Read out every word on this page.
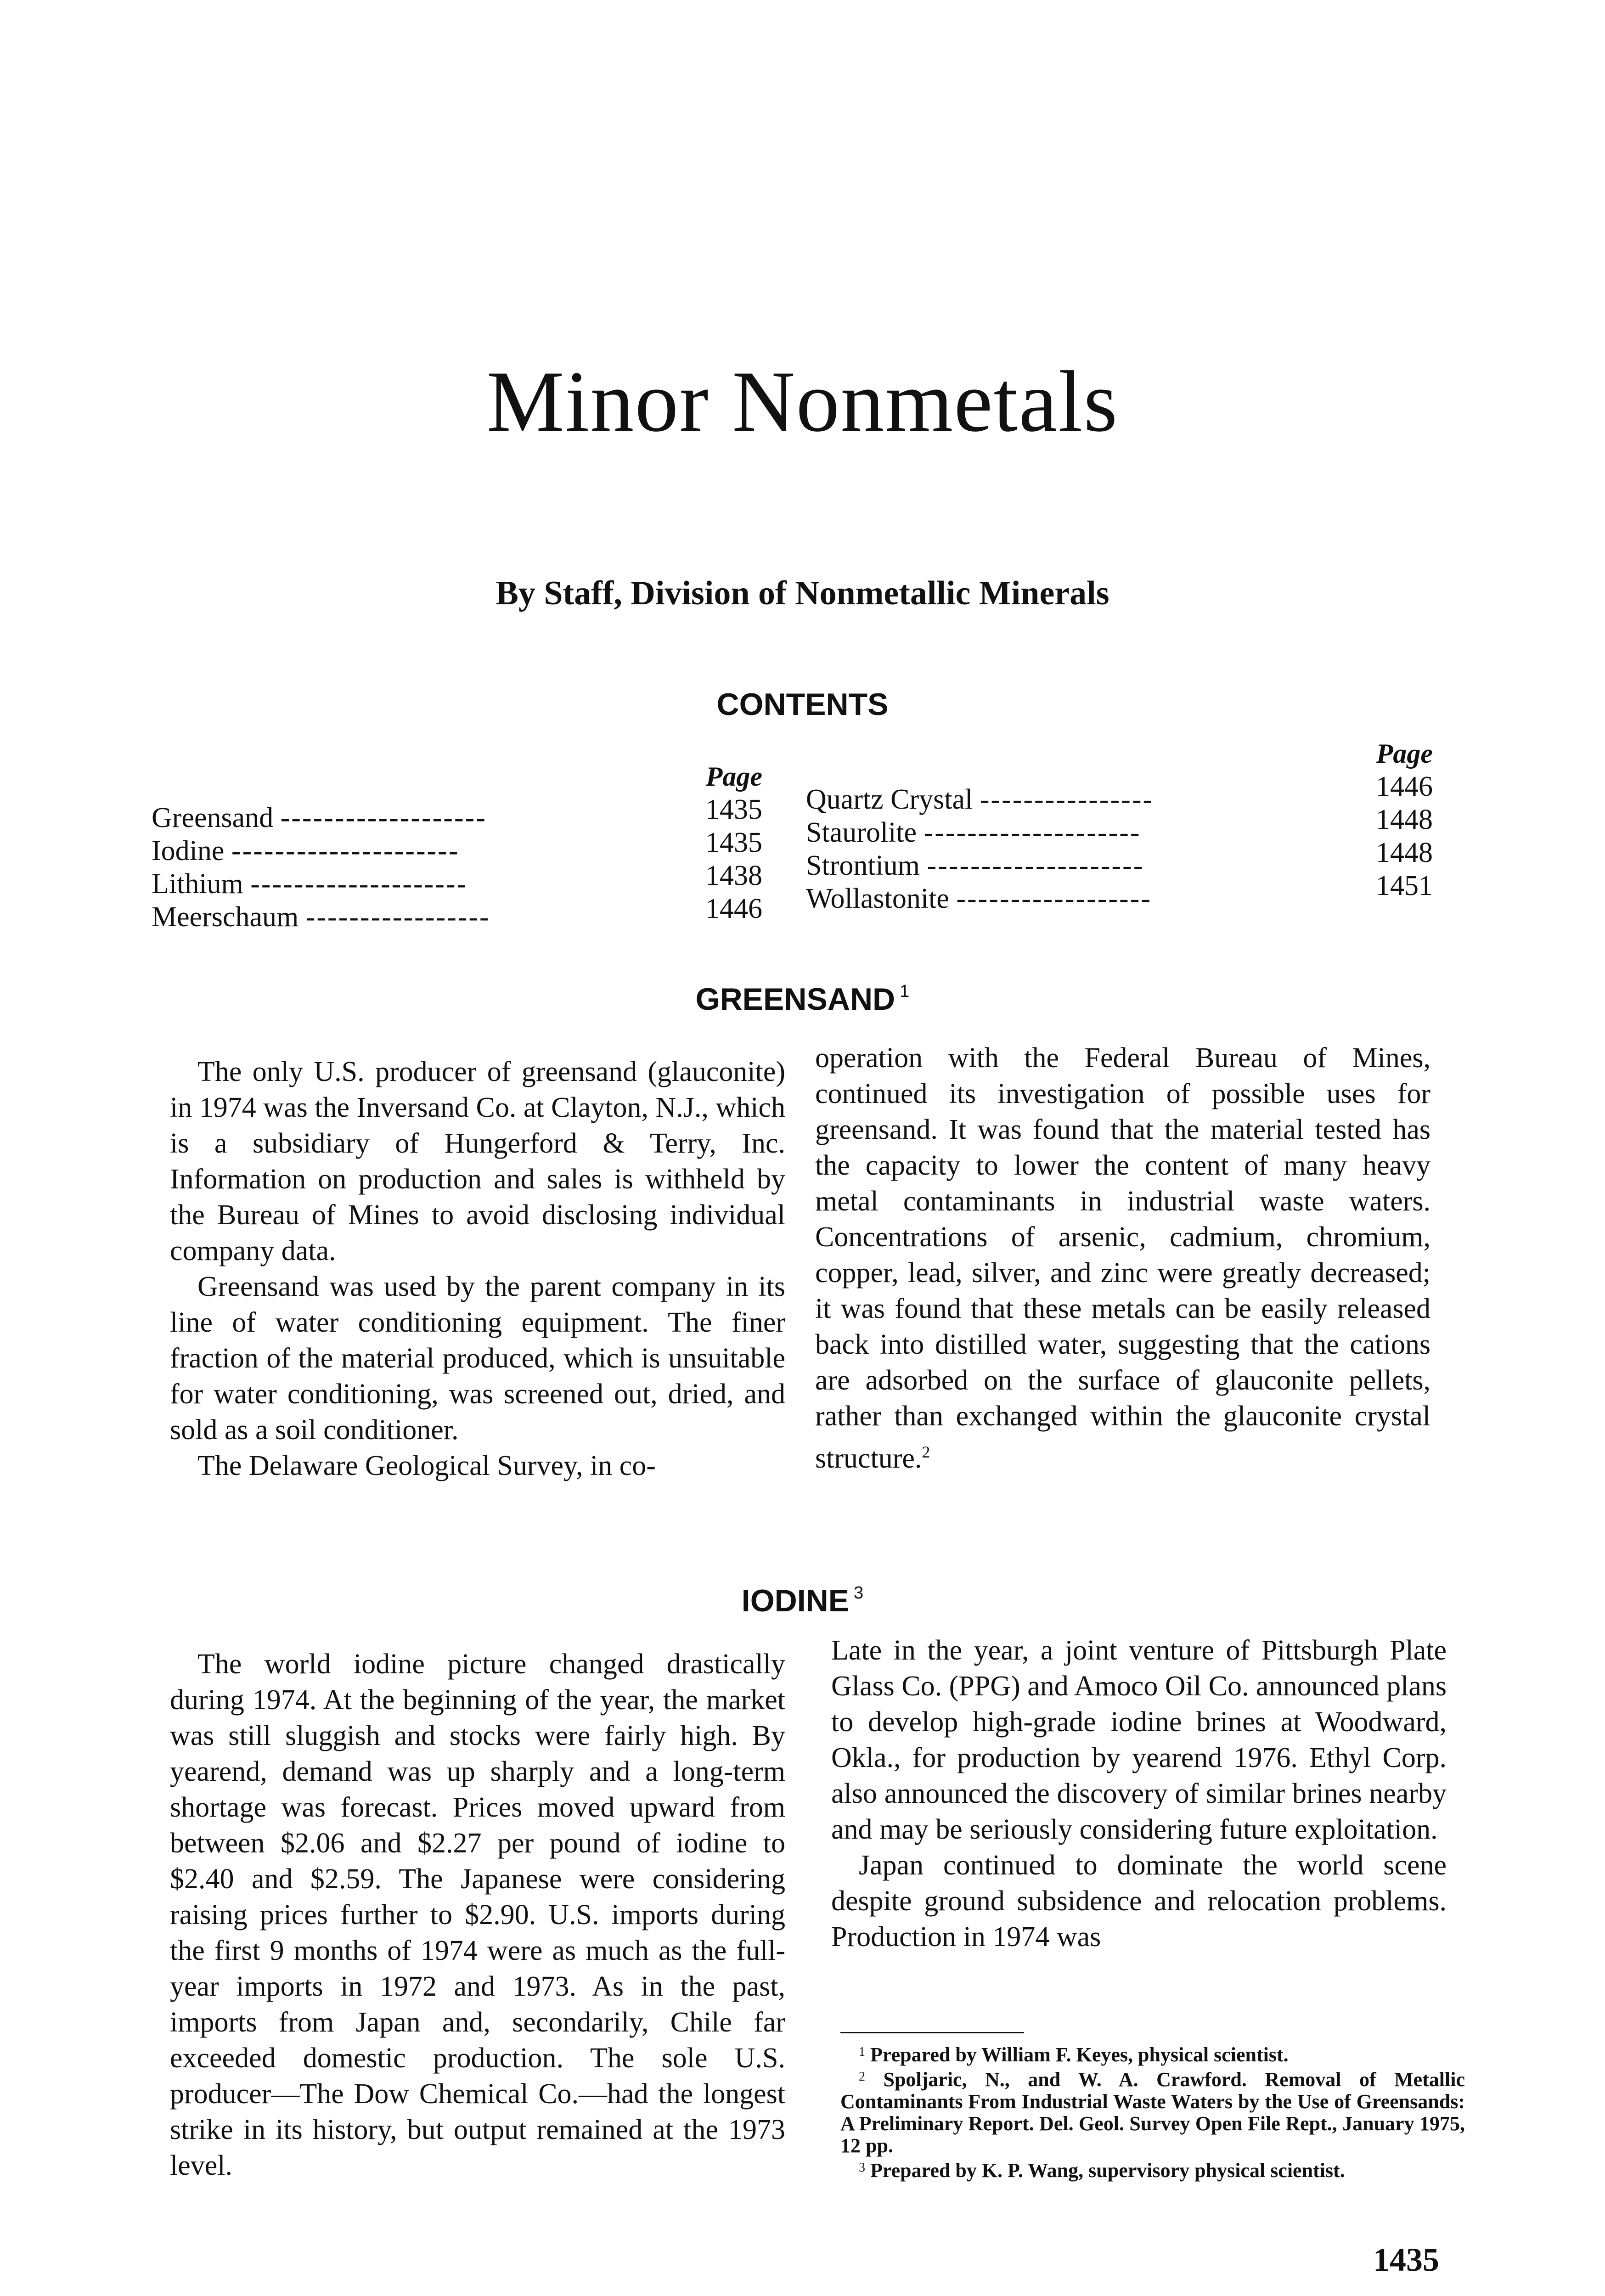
Minor Nonmetals
By Staff, Division of Nonmetallic Minerals
CONTENTS
Greensand -------------------
Iodine ---------------------
Lithium --------------------
Meerschaum -----------------
Page
1435
1435
1438
1446
Quartz Crystal ----------------
Staurolite --------------------
Strontium --------------------
Wollastonite ------------------
Page
1446
1448
1448
1451
GREENSAND $^1$

The only U.S. producer of greensand (glauconite) in 1974 was the Inversand Co. at Clayton, N.J., which is a subsidiary of Hungerford & Terry, Inc. Information on production and sales is withheld by the Bureau of Mines to avoid disclosing individual company data.

Greensand was used by the parent company in its line of water conditioning equipment. The finer fraction of the material produced, which is unsuitable for water conditioning, was screened out, dried, and sold as a soil conditioner.

The Delaware Geological Survey, in co-

operation with the Federal Bureau of Mines, continued its investigation of possible uses for greensand. It was found that the material tested has the capacity to lower the content of many heavy metal contaminants in industrial waste waters. Concentrations of arsenic, cadmium, chromium, copper, lead, silver, and zinc were greatly decreased; it was found that these metals can be easily released back into distilled water, suggesting that the cations are adsorbed on the surface of glauconite pellets, rather than exchanged within the glauconite crystal structure.$^2$

IODINE $^3$

The world iodine picture changed drastically during 1974. At the beginning of the year, the market was still sluggish and stocks were fairly high. By yearend, demand was up sharply and a long-term shortage was forecast. Prices moved upward from between $2.06 and $2.27 per pound of iodine to $2.40 and $2.59. The Japanese were considering raising prices further to $2.90. U.S. imports during the first 9 months of 1974 were as much as the full-year imports in 1972 and 1973. As in the past, imports from Japan and, secondarily, Chile far exceeded domestic production. The sole U.S. producer—The Dow Chemical Co.—had the longest strike in its history, but output remained at the 1973 level.

Late in the year, a joint venture of Pittsburgh Plate Glass Co. (PPG) and Amoco Oil Co. announced plans to develop high-grade iodine brines at Woodward, Okla., for production by yearend 1976. Ethyl Corp. also announced the discovery of similar brines nearby and may be seriously considering future exploitation.

Japan continued to dominate the world scene despite ground subsidence and relocation problems. Production in 1974 was

$^1$ Prepared by William F. Keyes, physical scientist.

$^2$ Spoljaric, N., and W. A. Crawford. Removal of Metallic Contaminants From Industrial Waste Waters by the Use of Greensands: A Preliminary Report. Del. Geol. Survey Open File Rept., January 1975, 12 pp.

$^3$ Prepared by K. P. Wang, supervisory physical scientist.

1435
